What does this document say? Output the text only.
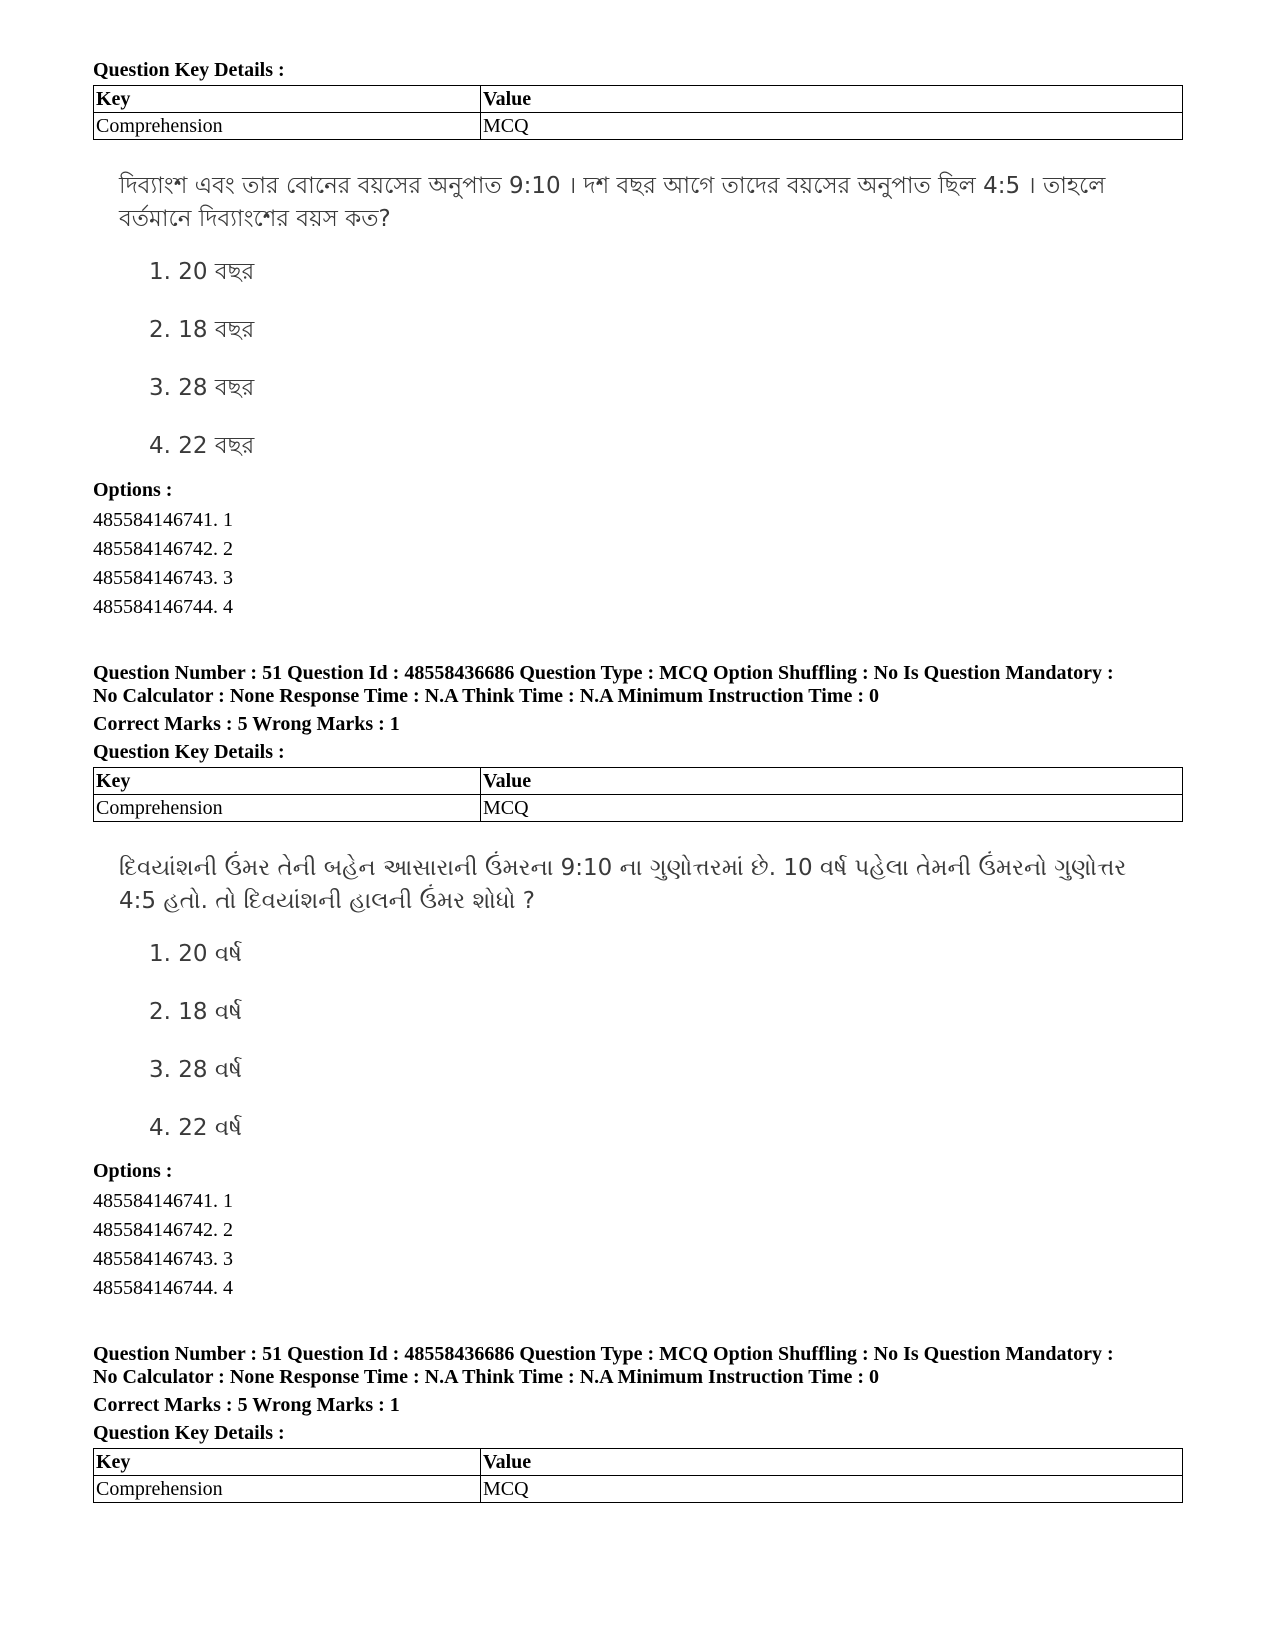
Question Key Details :
Key	Value
Comprehension	MCQ
দিব্যাংশ এবং তার বোনের বয়সের অনুপাত 9:10 । দশ বছর আগে তাদের বয়সের অনুপাত ছিল 4:5 । তাহলে বর্তমানে দিব্যাংশের বয়স কত?
1. 20 বছর
2. 18 বছর
3. 28 বছর
4. 22 বছর
Options :
485584146741. 1
485584146742. 2
485584146743. 3
485584146744. 4
Question Number : 51 Question Id : 48558436686 Question Type : MCQ Option Shuffling : No Is Question Mandatory :
No Calculator : None Response Time : N.A Think Time : N.A Minimum Instruction Time : 0
Correct Marks : 5 Wrong Marks : 1
Question Key Details :
Key	Value
Comprehension	MCQ
દિવયાંશની ઉંમર તેની બહેન આસારાની ઉંમરના 9:10 ના ગુણોત્તરમાં છે. 10 વર્ષ પહેલા તેમની ઉંમરનો ગુણોત્તર 4:5 હતો. તો દિવયાંશની હાલની ઉંમર શોધો ?
1. 20 વર્ષ
2. 18 વર્ષ
3. 28 વર્ષ
4. 22 વર્ષ
Options :
485584146741. 1
485584146742. 2
485584146743. 3
485584146744. 4
Question Number : 51 Question Id : 48558436686 Question Type : MCQ Option Shuffling : No Is Question Mandatory :
No Calculator : None Response Time : N.A Think Time : N.A Minimum Instruction Time : 0
Correct Marks : 5 Wrong Marks : 1
Question Key Details :
Key	Value
Comprehension	MCQ
